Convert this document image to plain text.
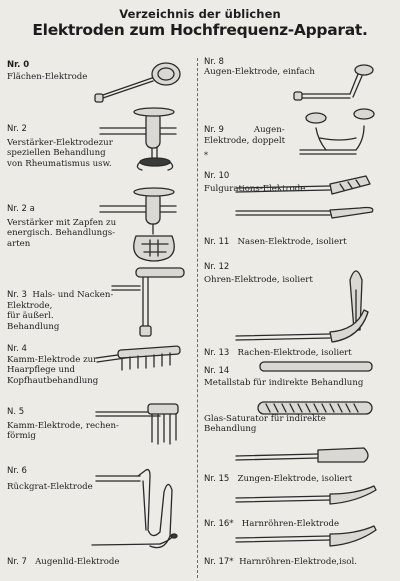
Verzeichnis der üblichen
Elektroden zum Hochfrequenz-Apparat.
Nr. 0
Flächen-Elektrode
Nr. 2
Verstärker-Elektrodezur
speziellen Behandlung
von Rheumatismus usw.
Nr. 2 a
Verstärker mit Zapfen zu
energisch. Behandlungs-
arten
Nr. 3 Hals- und Nacken-
Elektrode,
für äußerl.
Behandlung
Nr. 4
Kamm-Elektrode zur
Haarpflege und
Kopfhautbehandlung
N. 5
Kamm-Elektrode, rechen-
förmig
Nr. 6
Rückgrat-Elektrode
Nr. 7 Augenlid-Elektrode
Nr. 8
Augen-Elektrode, einfach
Nr. 9	Augen-
Elektrode, doppelt
*
Nr. 10
Fulgurations-Elektrode
Nr. 11 Nasen-Elektrode, isoliert
Nr. 12
Ohren-Elektrode, isoliert
Nr. 13 Rachen-Elektrode, isoliert
Nr. 14
Metallstab für indirekte Behandlung
Glas-Saturator für indirekte
Behandlung
Nr. 15 Zungen-Elektrode, isoliert
Nr. 16* Harnröhren-Elektrode
Nr. 17* Harnröhren-Elektrode,isol.
